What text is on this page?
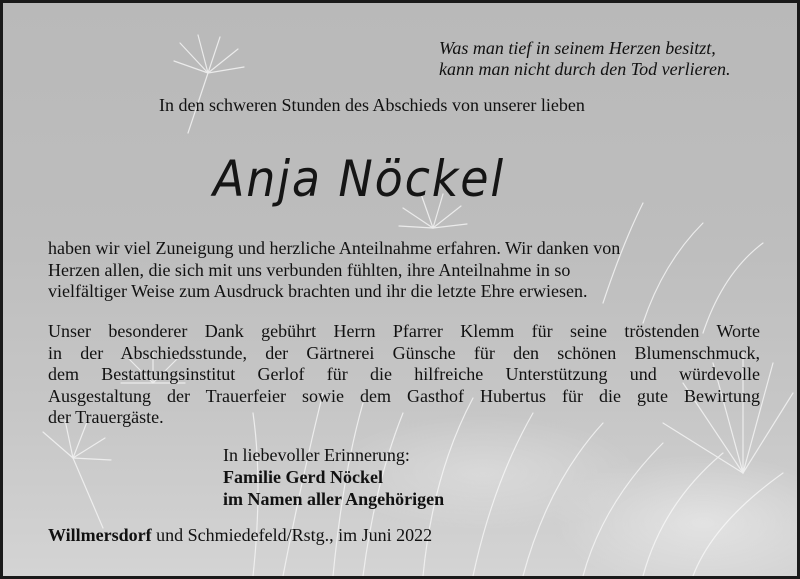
Was man tief in seinem Herzen besitzt,
kann man nicht durch den Tod verlieren.
In den schweren Stunden des Abschieds von unserer lieben
Anja Nöckel
haben wir viel Zuneigung und herzliche Anteilnahme erfahren. Wir danken von
Herzen allen, die sich mit uns verbunden fühlten, ihre Anteilnahme in so
vielfältiger Weise zum Ausdruck brachten und ihr die letzte Ehre erwiesen.
Unser besonderer Dank gebührt Herrn Pfarrer Klemm für seine tröstenden Worte
in der Abschiedsstunde, der Gärtnerei Günsche für den schönen Blumenschmuck,
dem Bestattungsinstitut Gerlof für die hilfreiche Unterstützung und würdevolle
Ausgestaltung der Trauerfeier sowie dem Gasthof Hubertus für die gute Bewirtung
der Trauergäste.
In liebevoller Erinnerung:
Familie Gerd Nöckel
im Namen aller Angehörigen
Willmersdorf und Schmiedefeld/Rstg., im Juni 2022
